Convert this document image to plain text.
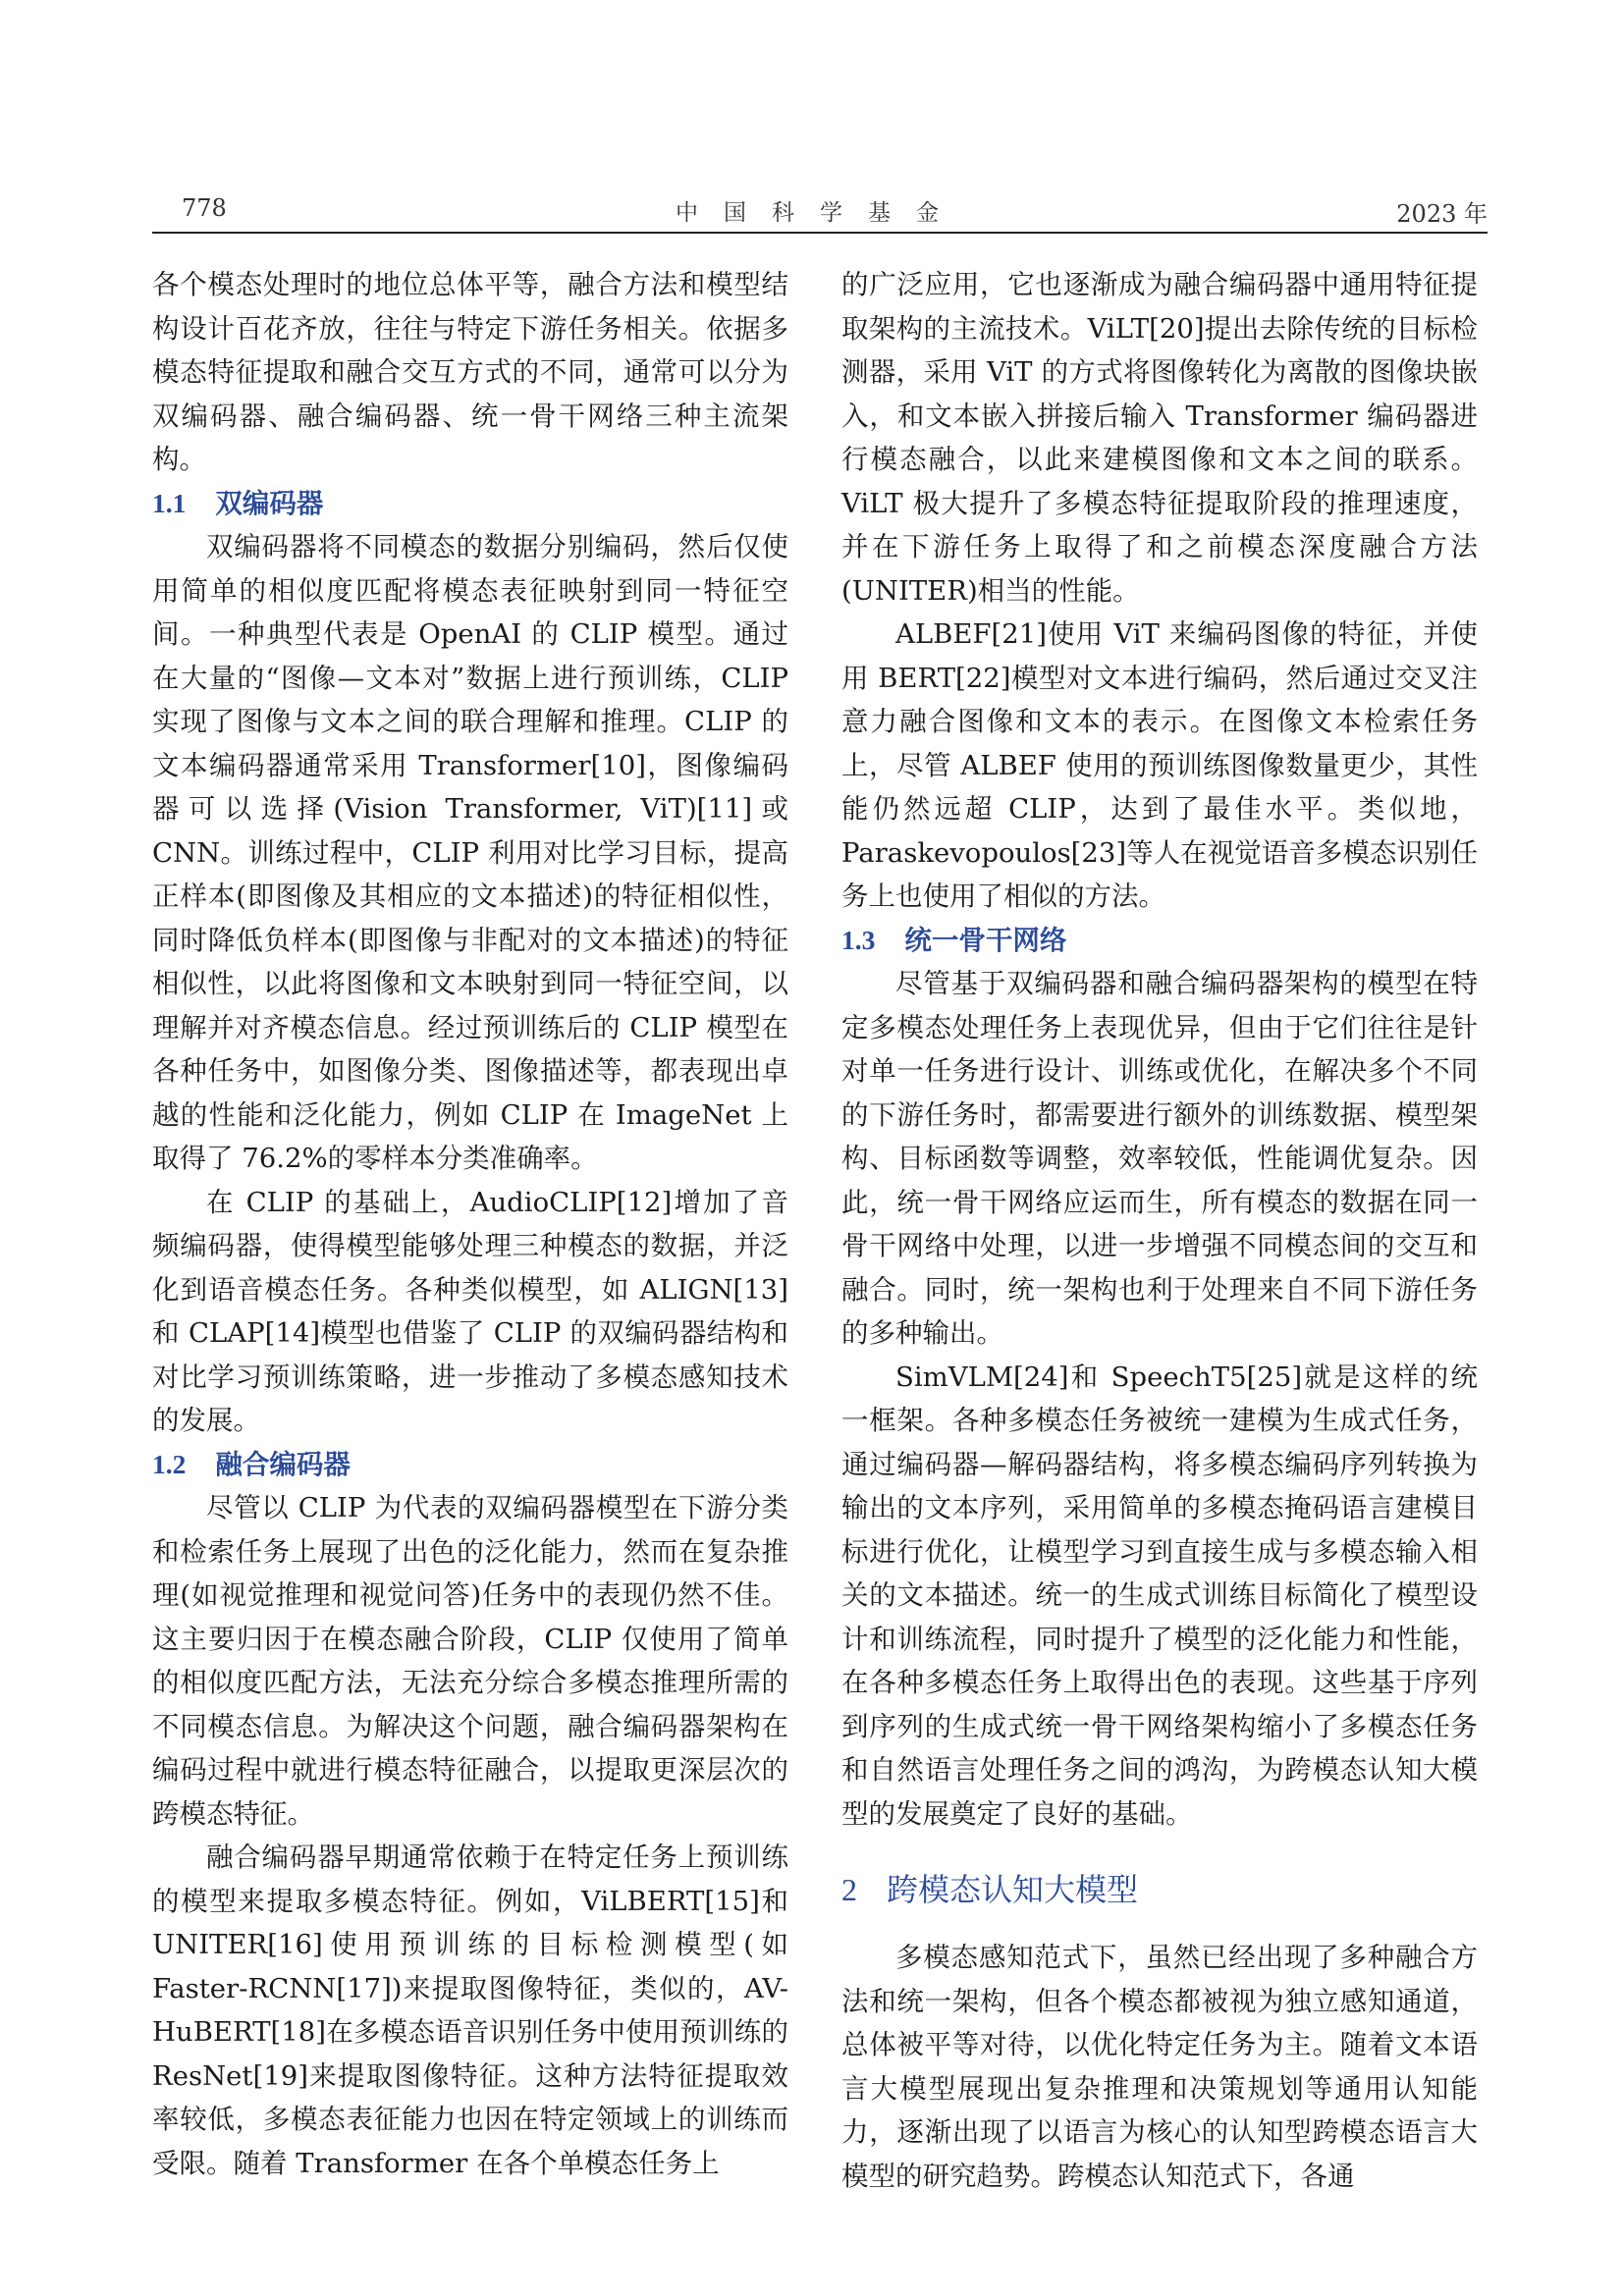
778	中国科学基金	2023 年

各个模态处理时的地位总体平等，融合方法和模型结构设计百花齐放，往往与特定下游任务相关。依据多模态特征提取和融合交互方式的不同，通常可以分为双编码器、融合编码器、统一骨干网络三种主流架构。

1.1 双编码器

双编码器将不同模态的数据分别编码，然后仅使用简单的相似度匹配将模态表征映射到同一特征空间。一种典型代表是 OpenAI 的 CLIP 模型。通过在大量的“图像—文本对”数据上进行预训练，CLIP 实现了图像与文本之间的联合理解和推理。CLIP 的文本编码器通常采用 Transformer[10]，图像编码器可以选择(Vision Transformer, ViT)[11]或 CNN。训练过程中，CLIP 利用对比学习目标，提高正样本(即图像及其相应的文本描述)的特征相似性，同时降低负样本(即图像与非配对的文本描述)的特征相似性，以此将图像和文本映射到同一特征空间，以理解并对齐模态信息。经过预训练后的 CLIP 模型在各种任务中，如图像分类、图像描述等，都表现出卓越的性能和泛化能力，例如 CLIP 在 ImageNet 上取得了 76.2%的零样本分类准确率。

在 CLIP 的基础上，AudioCLIP[12]增加了音频编码器，使得模型能够处理三种模态的数据，并泛化到语音模态任务。各种类似模型，如 ALIGN[13]和 CLAP[14]模型也借鉴了 CLIP 的双编码器结构和对比学习预训练策略，进一步推动了多模态感知技术的发展。

1.2 融合编码器

尽管以 CLIP 为代表的双编码器模型在下游分类和检索任务上展现了出色的泛化能力，然而在复杂推理(如视觉推理和视觉问答)任务中的表现仍然不佳。这主要归因于在模态融合阶段，CLIP 仅使用了简单的相似度匹配方法，无法充分综合多模态推理所需的不同模态信息。为解决这个问题，融合编码器架构在编码过程中就进行模态特征融合，以提取更深层次的跨模态特征。

融合编码器早期通常依赖于在特定任务上预训练的模型来提取多模态特征。例如，ViLBERT[15]和 UNITER[16]使用预训练的目标检测模型(如 Faster-RCNN[17])来提取图像特征，类似的，AV-HuBERT[18]在多模态语音识别任务中使用预训练的 ResNet[19]来提取图像特征。这种方法特征提取效率较低，多模态表征能力也因在特定领域上的训练而受限。随着 Transformer 在各个单模态任务上

的广泛应用，它也逐渐成为融合编码器中通用特征提取架构的主流技术。ViLT[20]提出去除传统的目标检测器，采用 ViT 的方式将图像转化为离散的图像块嵌入，和文本嵌入拼接后输入 Transformer 编码器进行模态融合，以此来建模图像和文本之间的联系。ViLT 极大提升了多模态特征提取阶段的推理速度，并在下游任务上取得了和之前模态深度融合方法(UNITER)相当的性能。

ALBEF[21]使用 ViT 来编码图像的特征，并使用 BERT[22]模型对文本进行编码，然后通过交叉注意力融合图像和文本的表示。在图像文本检索任务上，尽管 ALBEF 使用的预训练图像数量更少，其性能仍然远超 CLIP，达到了最佳水平。类似地，Paraskevopoulos[23]等人在视觉语音多模态识别任务上也使用了相似的方法。

1.3 统一骨干网络

尽管基于双编码器和融合编码器架构的模型在特定多模态处理任务上表现优异，但由于它们往往是针对单一任务进行设计、训练或优化，在解决多个不同的下游任务时，都需要进行额外的训练数据、模型架构、目标函数等调整，效率较低，性能调优复杂。因此，统一骨干网络应运而生，所有模态的数据在同一骨干网络中处理，以进一步增强不同模态间的交互和融合。同时，统一架构也利于处理来自不同下游任务的多种输出。

SimVLM[24]和 SpeechT5[25]就是这样的统一框架。各种多模态任务被统一建模为生成式任务，通过编码器—解码器结构，将多模态编码序列转换为输出的文本序列，采用简单的多模态掩码语言建模目标进行优化，让模型学习到直接生成与多模态输入相关的文本描述。统一的生成式训练目标简化了模型设计和训练流程，同时提升了模型的泛化能力和性能，在各种多模态任务上取得出色的表现。这些基于序列到序列的生成式统一骨干网络架构缩小了多模态任务和自然语言处理任务之间的鸿沟，为跨模态认知大模型的发展奠定了良好的基础。

2 跨模态认知大模型

多模态感知范式下，虽然已经出现了多种融合方法和统一架构，但各个模态都被视为独立感知通道，总体被平等对待，以优化特定任务为主。随着文本语言大模型展现出复杂推理和决策规划等通用认知能力，逐渐出现了以语言为核心的认知型跨模态语言大模型的研究趋势。跨模态认知范式下，各通
